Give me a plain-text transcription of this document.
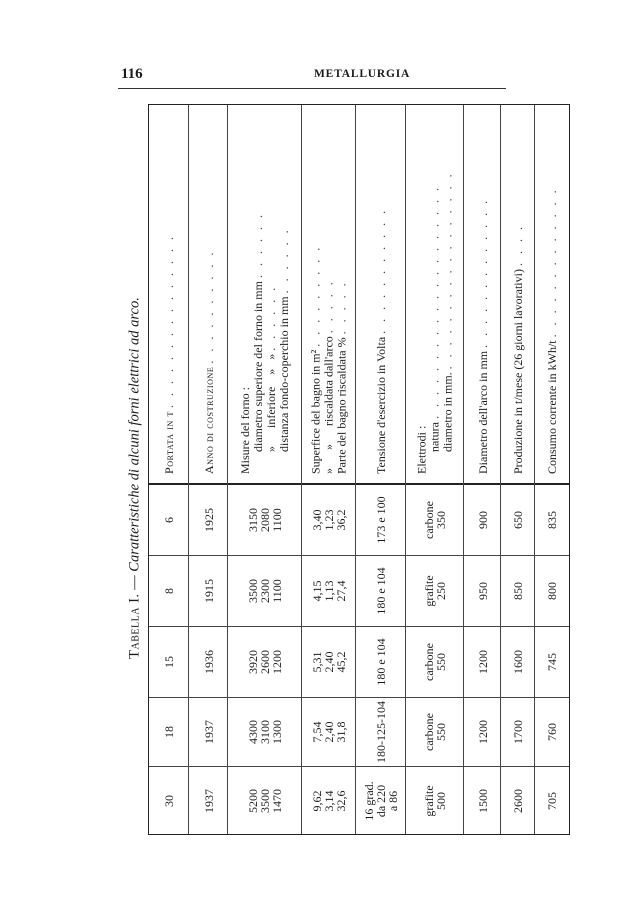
116	METALLURGIA
Tabella I. — Caratteristiche di alcuni forni elettrici ad arco. Portata in t . . . . . . . . . . . . . . .
6
8
15
18
30
Anno di costruzione . . . . . . . . . .
1925
1915
1936
1937
1937
Misure del forno : diametro superiore del forno in mm . . . . . .
»      inferiore    »   » . . . . . . distanza fondo-coperchio in mm . . . . . .
3150
2080
1100
3500
2300
1100
3920
2600
1200
4300
3100
1300
5200
3500
1470
Superfice del bagno in m² . . . . . . . . .
»      »      riscaldata dall'arco . . . . .
Parte del bagno riscaldata % . . . . .
3,40
1,23
36,2
4,15
1,13
27,4
5,31
2,40
45,2
7,54
2,40
31,8
9,62
3,14
32,6
Tensione d'esercizio in Volta . . . . . . . . . . .
173 e 100
180 e 104
180 e 104
180-125-104
16 grad.
da 220
a 86
Elettrodi : natura . . . . . . . . . . . . . . . . . . . . diametro in mm. . . . . . . . . . . . . . . . . .
carbone
350
grafite
250
carbone
550
carbone
550
grafite
500
Diametro dell'arco in mm . . . . . . . . . . . . .
900
950
1200
1200
1500
Produzione in t/mese (26 giorni lavorativi) . . . .
650
850
1600
1700
2600
Consumo corrente in kWh/t . . . . . . . . . . . . .
835
800
745
760
705
